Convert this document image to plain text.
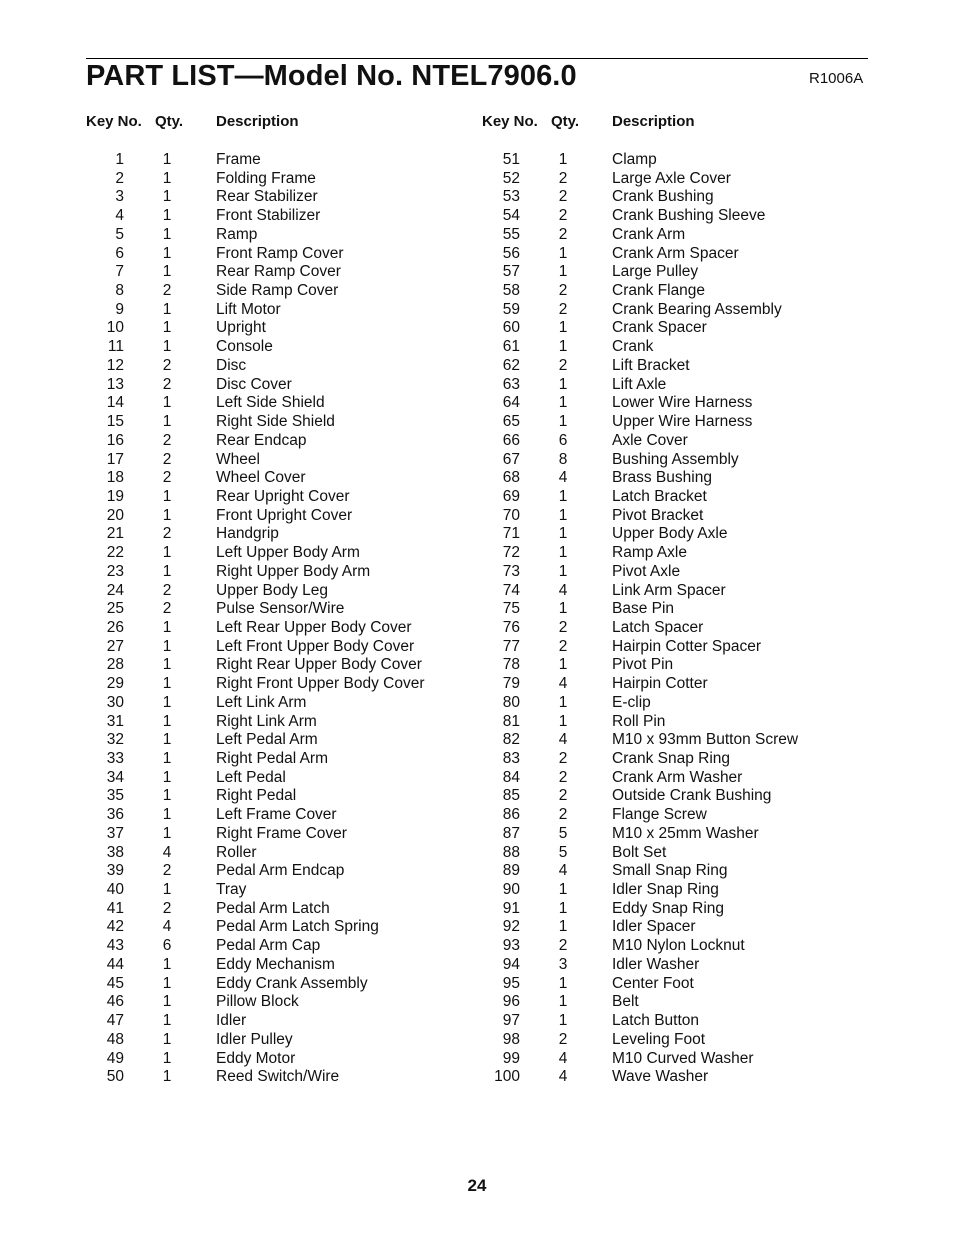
PART LIST—Model No. NTEL7906.0	R1006A
Key No. Qty. Description
1 1	Frame
2 1	Folding Frame
3 1	Rear Stabilizer
4 1	Front Stabilizer
5 1	Ramp
6 1	Front Ramp Cover
7 1	Rear Ramp Cover
8 2	Side Ramp Cover
9 1	Lift Motor
10 1	Upright
11 1	Console
12 2	Disc
13 2	Disc Cover
14 1	Left Side Shield
15 1	Right Side Shield
16 2	Rear Endcap
17 2	Wheel
18 2	Wheel Cover
19 1	Rear Upright Cover
20 1	Front Upright Cover
21 2	Handgrip
22 1	Left Upper Body Arm
23 1	Right Upper Body Arm
24 2	Upper Body Leg
25 2	Pulse Sensor/Wire
26 1	Left Rear Upper Body Cover
27 1	Left Front Upper Body Cover
28 1	Right Rear Upper Body Cover
29 1	Right Front Upper Body Cover
30 1	Left Link Arm
31 1	Right Link Arm
32 1	Left Pedal Arm
33 1	Right Pedal Arm
34 1	Left Pedal
35 1	Right Pedal
36 1	Left Frame Cover
37 1	Right Frame Cover
38 4	Roller
39 2	Pedal Arm Endcap
40 1	Tray
41 2	Pedal Arm Latch
42 4	Pedal Arm Latch Spring
43 6	Pedal Arm Cap
44 1	Eddy Mechanism
45 1	Eddy Crank Assembly
46 1	Pillow Block
47 1	Idler
48 1	Idler Pulley
49 1	Eddy Motor
50 1	Reed Switch/Wire
Key No. Qty. Description
51 1	Clamp
52 2	Large Axle Cover
53 2	Crank Bushing
54 2	Crank Bushing Sleeve
55 2	Crank Arm
56 1	Crank Arm Spacer
57 1	Large Pulley
58 2	Crank Flange
59 2	Crank Bearing Assembly
60 1	Crank Spacer
61 1	Crank
62 2	Lift Bracket
63 1	Lift Axle
64 1	Lower Wire Harness
65 1	Upper Wire Harness
66 6	Axle Cover
67 8	Bushing Assembly
68 4	Brass Bushing
69 1	Latch Bracket
70 1	Pivot Bracket
71 1	Upper Body Axle
72 1	Ramp Axle
73 1	Pivot Axle
74 4	Link Arm Spacer
75 1	Base Pin
76 2	Latch Spacer
77 2	Hairpin Cotter Spacer
78 1	Pivot Pin
79 4	Hairpin Cotter
80 1	E-clip
81 1	Roll Pin
82 4	M10 x 93mm Button Screw
83 2	Crank Snap Ring
84 2	Crank Arm Washer
85 2	Outside Crank Bushing
86 2	Flange Screw
87 5	M10 x 25mm Washer
88 5	Bolt Set
89 4	Small Snap Ring
90 1	Idler Snap Ring
91 1	Eddy Snap Ring
92 1	Idler Spacer
93 2	M10 Nylon Locknut
94 3	Idler Washer
95 1	Center Foot
96 1	Belt
97 1	Latch Button
98 2	Leveling Foot
99 4	M10 Curved Washer
100 4	Wave Washer
24
